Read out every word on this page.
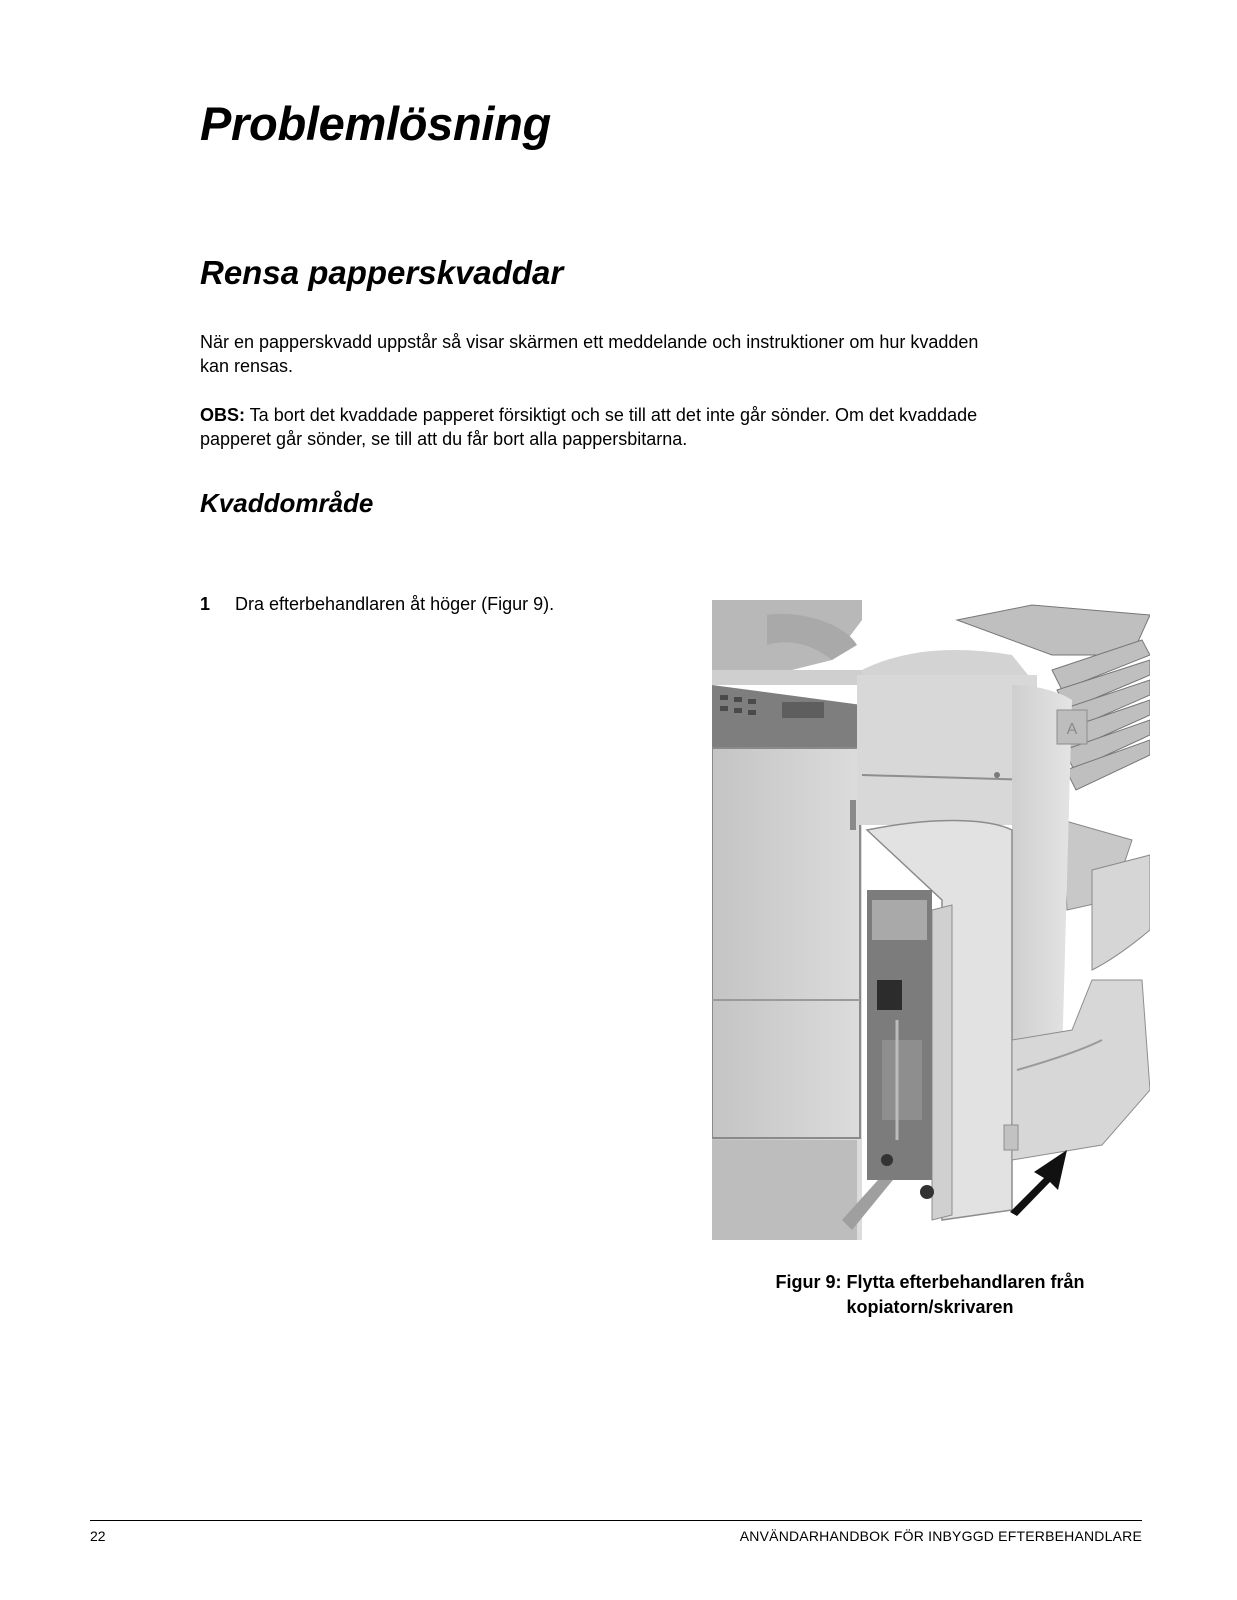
Problemlösning
Rensa papperskvaddar

När en papperskvadd uppstår så visar skärmen ett meddelande och instruktioner om hur kvadden kan rensas.

OBS: Ta bort det kvaddade papperet försiktigt och se till att det inte går sönder. Om det kvaddade papperet går sönder, se till att du får bort alla pappersbitarna.

Kvaddområde

1 Dra efterbehandlaren åt höger (Figur 9).

A
Figur 9: Flytta efterbehandlaren från
kopiatorn/skrivaren
22	ANVÄNDARHANDBOK FÖR INBYGGD EFTERBEHANDLARE
